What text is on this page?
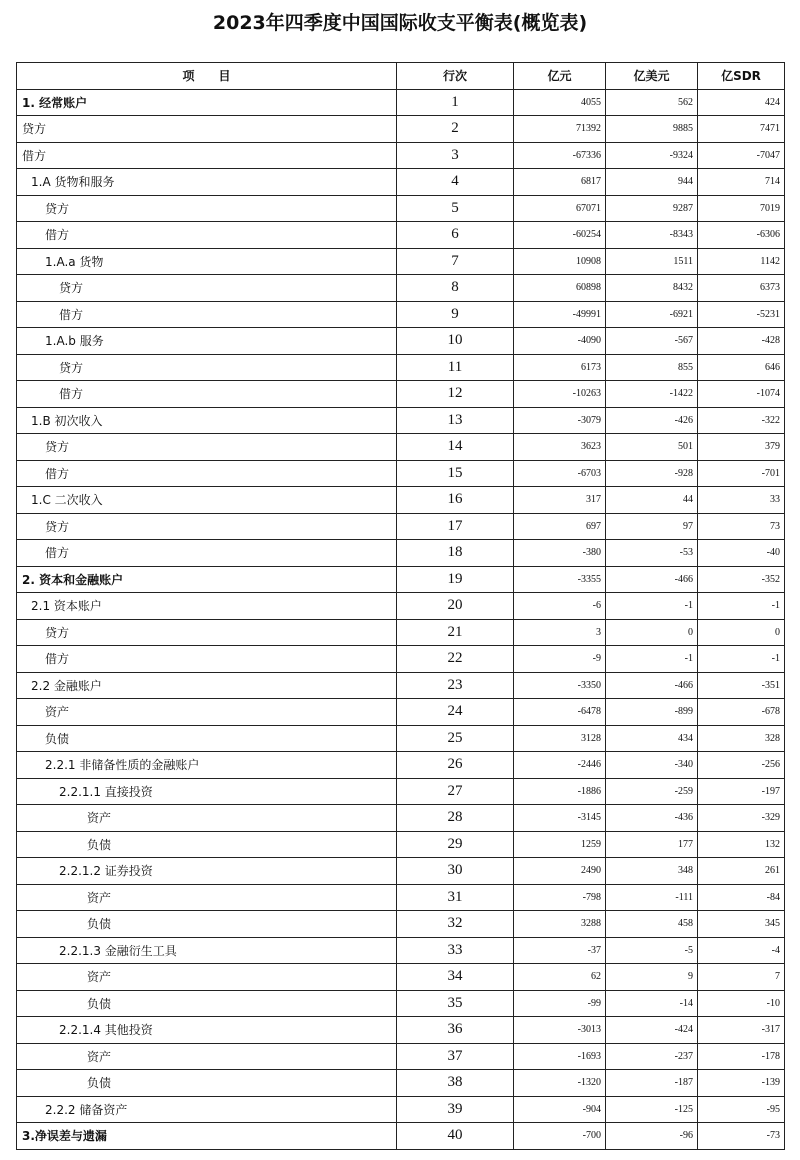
2023年四季度中国国际收支平衡表(概览表)
项　　目	行次	亿元	亿美元	亿SDR
1. 经常账户	1	4055	562	424
贷方	2	71392	9885	7471
借方	3	-67336	-9324	-7047
1.A 货物和服务	4	6817	944	714
贷方	5	67071	9287	7019
借方	6	-60254	-8343	-6306
1.A.a 货物	7	10908	1511	1142
贷方	8	60898	8432	6373
借方	9	-49991	-6921	-5231
1.A.b 服务	10	-4090	-567	-428
贷方	11	6173	855	646
借方	12	-10263	-1422	-1074
1.B 初次收入	13	-3079	-426	-322
贷方	14	3623	501	379
借方	15	-6703	-928	-701
1.C 二次收入	16	317	44	33
贷方	17	697	97	73
借方	18	-380	-53	-40
2. 资本和金融账户	19	-3355	-466	-352
2.1 资本账户	20	-6	-1	-1
贷方	21	3	0	0
借方	22	-9	-1	-1
2.2 金融账户	23	-3350	-466	-351
资产	24	-6478	-899	-678
负债	25	3128	434	328
2.2.1 非储备性质的金融账户	26	-2446	-340	-256
2.2.1.1 直接投资	27	-1886	-259	-197
资产	28	-3145	-436	-329
负债	29	1259	177	132
2.2.1.2 证券投资	30	2490	348	261
资产	31	-798	-111	-84
负债	32	3288	458	345
2.2.1.3 金融衍生工具	33	-37	-5	-4
资产	34	62	9	7
负债	35	-99	-14	-10
2.2.1.4 其他投资	36	-3013	-424	-317
资产	37	-1693	-237	-178
负债	38	-1320	-187	-139
2.2.2 储备资产	39	-904	-125	-95
3.净误差与遗漏	40	-700	-96	-73
